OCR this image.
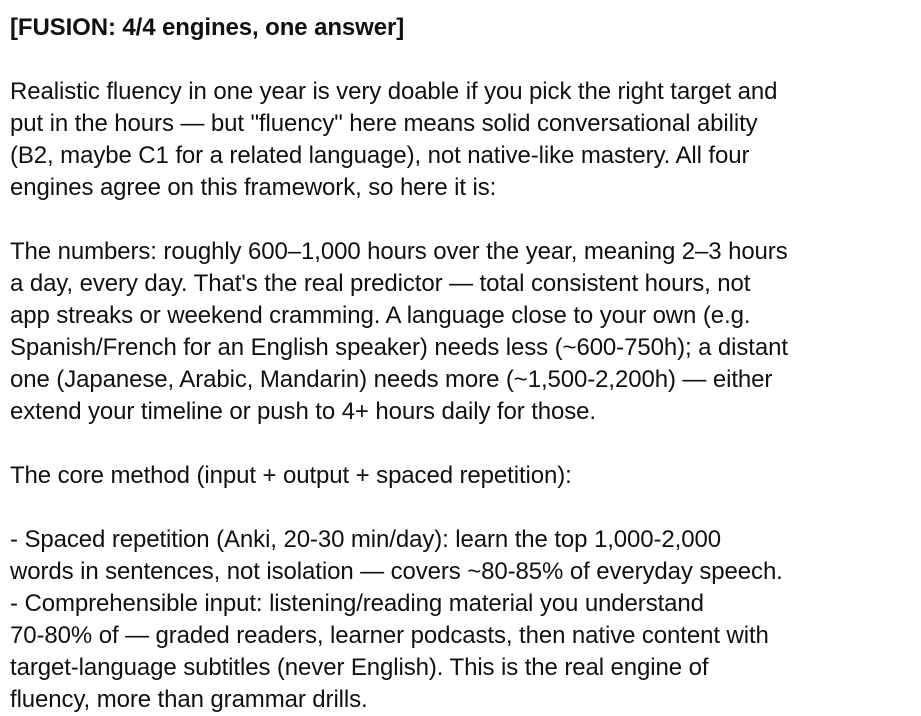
[FUSION: 4/4 engines, one answer]
Realistic fluency in one year is very doable if you pick the right target and
put in the hours — but "fluency" here means solid conversational ability
(B2, maybe C1 for a related language), not native-like mastery. All four
engines agree on this framework, so here it is:
The numbers: roughly 600–1,000 hours over the year, meaning 2–3 hours
a day, every day. That's the real predictor — total consistent hours, not
app streaks or weekend cramming. A language close to your own (e.g.
Spanish/French for an English speaker) needs less (~600-750h); a distant
one (Japanese, Arabic, Mandarin) needs more (~1,500-2,200h) — either
extend your timeline or push to 4+ hours daily for those.
The core method (input + output + spaced repetition):
- Spaced repetition (Anki, 20-30 min/day): learn the top 1,000-2,000
words in sentences, not isolation — covers ~80-85% of everyday speech.
- Comprehensible input: listening/reading material you understand
70-80% of — graded readers, learner podcasts, then native content with
target-language subtitles (never English). This is the real engine of
fluency, more than grammar drills.
